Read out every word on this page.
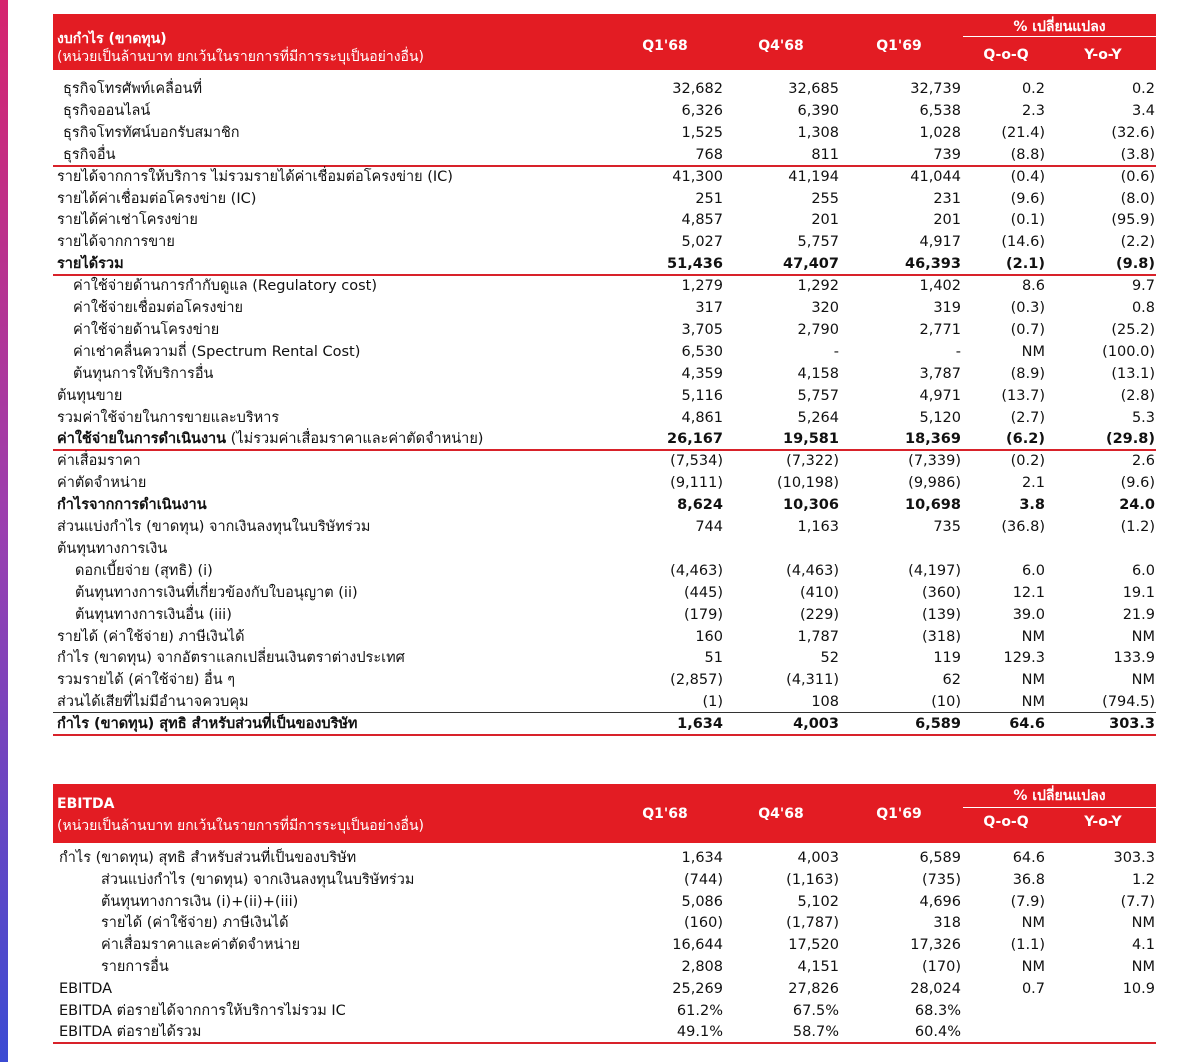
งบกำไร (ขาดทุน)
(หน่วยเป็นล้านบาท ยกเว้นในรายการที่มีการระบุเป็นอย่างอื่น)
Q1'68	Q4'68	Q1'69
% เปลี่ยนแปลง
Q-o-Q	Y-o-Y
ธุรกิจโทรศัพท์เคลื่อนที่	32,682	32,685	32,739	0.2	0.2
ธุรกิจออนไลน์	6,326	6,390	6,538	2.3	3.4
ธุรกิจโทรทัศน์บอกรับสมาชิก	1,525	1,308	1,028	(21.4)	(32.6)
ธุรกิจอื่น	768	811	739	(8.8)	(3.8)
รายได้จากการให้บริการ ไม่รวมรายได้ค่าเชื่อมต่อโครงข่าย (IC)	41,300	41,194	41,044	(0.4)	(0.6)
รายได้ค่าเชื่อมต่อโครงข่าย (IC)	251	255	231	(9.6)	(8.0)
รายได้ค่าเช่าโครงข่าย	4,857	201	201	(0.1)	(95.9)
รายได้จากการขาย	5,027	5,757	4,917	(14.6)	(2.2)
รายได้รวม	51,436	47,407	46,393	(2.1)	(9.8)
ค่าใช้จ่ายด้านการกำกับดูแล (Regulatory cost)	1,279	1,292	1,402	8.6	9.7
ค่าใช้จ่ายเชื่อมต่อโครงข่าย	317	320	319	(0.3)	0.8
ค่าใช้จ่ายด้านโครงข่าย	3,705	2,790	2,771	(0.7)	(25.2)
ค่าเช่าคลื่นความถี่ (Spectrum Rental Cost)	6,530	-	-	NM	(100.0)
ต้นทุนการให้บริการอื่น	4,359	4,158	3,787	(8.9)	(13.1)
ต้นทุนขาย	5,116	5,757	4,971	(13.7)	(2.8)
รวมค่าใช้จ่ายในการขายและบริหาร	4,861	5,264	5,120	(2.7)	5.3
ค่าใช้จ่ายในการดำเนินงาน (ไม่รวมค่าเสื่อมราคาและค่าตัดจำหน่าย)	26,167	19,581	18,369	(6.2)	(29.8)
ค่าเสื่อมราคา	(7,534)	(7,322)	(7,339)	(0.2)	2.6
ค่าตัดจำหน่าย	(9,111)	(10,198)	(9,986)	2.1	(9.6)
กำไรจากการดำเนินงาน	8,624	10,306	10,698	3.8	24.0
ส่วนแบ่งกำไร (ขาดทุน) จากเงินลงทุนในบริษัทร่วม	744	1,163	735	(36.8)	(1.2)
ต้นทุนทางการเงิน
ดอกเบี้ยจ่าย (สุทธิ) (i)	(4,463)	(4,463)	(4,197)	6.0	6.0
ต้นทุนทางการเงินที่เกี่ยวข้องกับใบอนุญาต (ii)	(445)	(410)	(360)	12.1	19.1
ต้นทุนทางการเงินอื่น (iii)	(179)	(229)	(139)	39.0	21.9
รายได้ (ค่าใช้จ่าย) ภาษีเงินได้	160	1,787	(318)	NM	NM
กำไร (ขาดทุน) จากอัตราแลกเปลี่ยนเงินตราต่างประเทศ	51	52	119	129.3	133.9
รวมรายได้ (ค่าใช้จ่าย) อื่น ๆ	(2,857)	(4,311)	62	NM	NM
ส่วนได้เสียที่ไม่มีอำนาจควบคุม	(1)	108	(10)	NM	(794.5)
กำไร (ขาดทุน) สุทธิ สำหรับส่วนที่เป็นของบริษัท	1,634	4,003	6,589	64.6	303.3
EBITDA
(หน่วยเป็นล้านบาท ยกเว้นในรายการที่มีการระบุเป็นอย่างอื่น)
Q1'68	Q4'68	Q1'69
% เปลี่ยนแปลง
Q-o-Q	Y-o-Y
กำไร (ขาดทุน) สุทธิ สำหรับส่วนที่เป็นของบริษัท	1,634	4,003	6,589	64.6	303.3
ส่วนแบ่งกำไร (ขาดทุน) จากเงินลงทุนในบริษัทร่วม	(744)	(1,163)	(735)	36.8	1.2
ต้นทุนทางการเงิน (i)+(ii)+(iii)	5,086	5,102	4,696	(7.9)	(7.7)
รายได้ (ค่าใช้จ่าย) ภาษีเงินได้	(160)	(1,787)	318	NM	NM
ค่าเสื่อมราคาและค่าตัดจำหน่าย	16,644	17,520	17,326	(1.1)	4.1
รายการอื่น	2,808	4,151	(170)	NM	NM
EBITDA	25,269	27,826	28,024	0.7	10.9
EBITDA ต่อรายได้จากการให้บริการไม่รวม IC	61.2%	67.5%	68.3%
EBITDA ต่อรายได้รวม	49.1%	58.7%	60.4%
